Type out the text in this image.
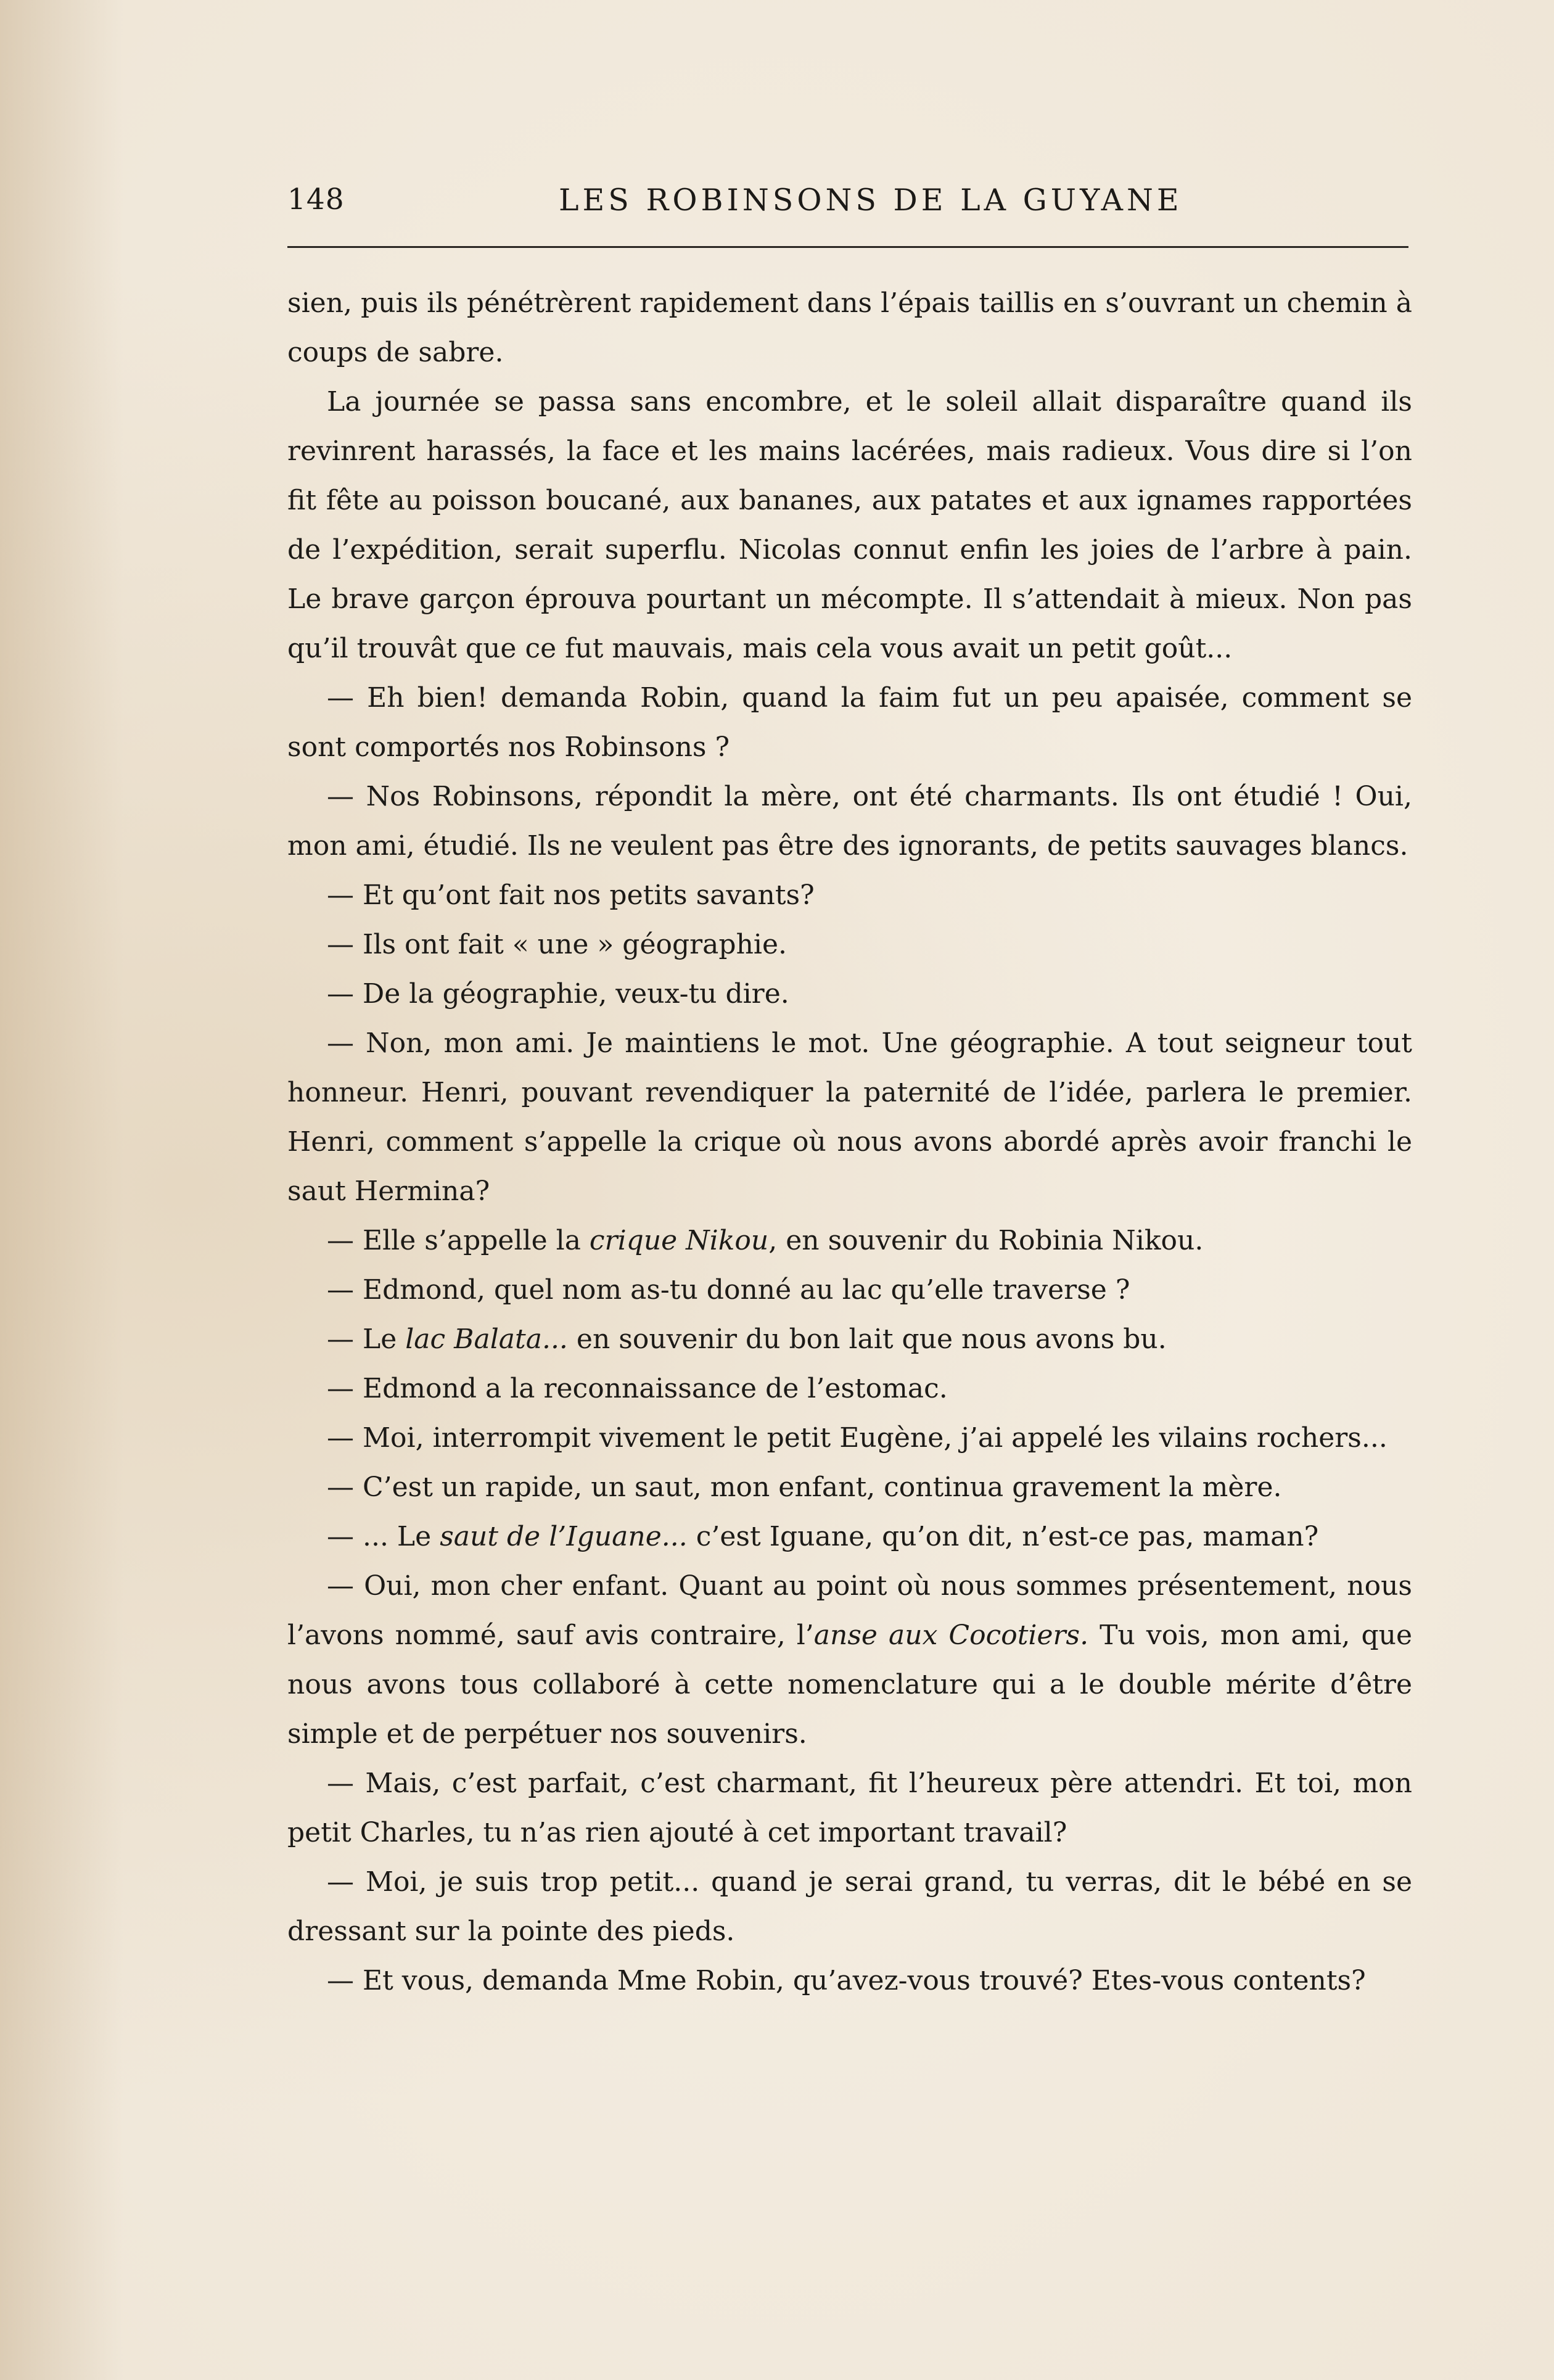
148	LES ROBINSONS DE LA GUYANE

sien, puis ils pénétrèrent rapidement dans l’épais taillis en s’ouvrant un chemin à coups de sabre.

La journée se passa sans encombre, et le soleil allait disparaître quand ils revinrent harassés, la face et les mains lacérées, mais radieux. Vous dire si l’on fit fête au poisson boucané, aux bananes, aux patates et aux ignames rapportées de l’expédition, serait superflu. Nicolas connut enfin les joies de l’arbre à pain. Le brave garçon éprouva pourtant un mécompte. Il s’attendait à mieux. Non pas qu’il trouvât que ce fut mauvais, mais cela vous avait un petit goût...

— Eh bien! demanda Robin, quand la faim fut un peu apaisée, comment se sont comportés nos Robinsons ?

— Nos Robinsons, répondit la mère, ont été charmants. Ils ont étudié ! Oui, mon ami, étudié. Ils ne veulent pas être des ignorants, de petits sauvages blancs.

— Et qu’ont fait nos petits savants?

— Ils ont fait « une » géographie.

— De la géographie, veux-tu dire.

— Non, mon ami. Je maintiens le mot. Une géographie. A tout seigneur tout honneur. Henri, pouvant revendiquer la paternité de l’idée, parlera le premier. Henri, comment s’appelle la crique où nous avons abordé après avoir franchi le saut Hermina?

— Elle s’appelle la crique Nikou, en souvenir du Robinia Nikou.

— Edmond, quel nom as-tu donné au lac qu’elle traverse ?

— Le lac Balata... en souvenir du bon lait que nous avons bu.

— Edmond a la reconnaissance de l’estomac.

— Moi, interrompit vivement le petit Eugène, j’ai appelé les vilains rochers...

— C’est un rapide, un saut, mon enfant, continua gravement la mère.

— ... Le saut de l’Iguane... c’est Iguane, qu’on dit, n’est-ce pas, maman?

— Oui, mon cher enfant. Quant au point où nous sommes présentement, nous l’avons nommé, sauf avis contraire, l’anse aux Cocotiers. Tu vois, mon ami, que nous avons tous collaboré à cette nomenclature qui a le double mérite d’être simple et de perpétuer nos souvenirs.

— Mais, c’est parfait, c’est charmant, fit l’heureux père attendri. Et toi, mon petit Charles, tu n’as rien ajouté à cet important travail?

— Moi, je suis trop petit... quand je serai grand, tu verras, dit le bébé en se dressant sur la pointe des pieds.

— Et vous, demanda Mme Robin, qu’avez-vous trouvé? Etes-vous contents?
